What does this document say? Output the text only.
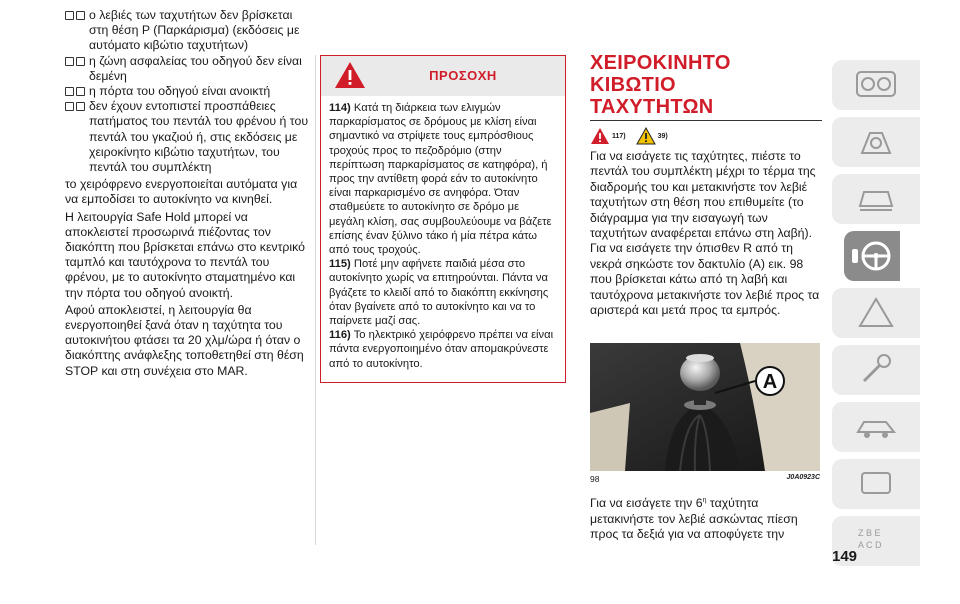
ο λεβιές των ταχυτήτων δεν βρίσκεται στη θέση P (Παρκάρισμα) (εκδόσεις με αυτόματο κιβώτιο ταχυτήτων)
η ζώνη ασφαλείας του οδηγού δεν είναι δεμένη
η πόρτα του οδηγού είναι ανοικτή
δεν έχουν εντοπιστεί προσπάθειες πατήματος του πεντάλ του φρένου ή του πεντάλ του γκαζιού ή, στις εκδόσεις με χειροκίνητο κιβώτιο ταχυτήτων, του πεντάλ του συμπλέκτη

το χειρόφρενο ενεργοποιείται αυτόματα για να εμποδίσει το αυτοκίνητο να κινηθεί.

Η λειτουργία Safe Hold μπορεί να αποκλειστεί προσωρινά πιέζοντας τον διακόπτη που βρίσκεται επάνω στο κεντρικό ταμπλό και ταυτόχρονα το πεντάλ του φρένου, με το αυτοκίνητο σταματημένο και την πόρτα του οδηγού ανοικτή.

Αφού αποκλειστεί, η λειτουργία θα ενεργοποιηθεί ξανά όταν η ταχύτητα του αυτοκινήτου φτάσει τα 20 χλμ/ώρα ή όταν ο διακόπτης ανάφλεξης τοποθετηθεί στη θέση STOP και στη συνέχεια στο MAR.

ΠΡΟΣΟΧΗ

114) Κατά τη διάρκεια των ελιγμών παρκαρίσματος σε δρόμους με κλίση είναι σημαντικό να στρίψετε τους εμπρόσθιους τροχούς προς το πεζοδρόμιο (στην περίπτωση παρκαρίσματος σε κατηφόρα), ή προς την αντίθετη φορά εάν το αυτοκίνητο είναι παρκαρισμένο σε ανηφόρα. Όταν σταθμεύετε το αυτοκίνητο σε δρόμο με μεγάλη κλίση, σας συμβουλεύουμε να βάζετε επίσης έναν ξύλινο τάκο ή μία πέτρα κάτω από τους τροχούς.

115) Ποτέ μην αφήνετε παιδιά μέσα στο αυτοκίνητο χωρίς να επιτηρούνται. Πάντα να βγάζετε το κλειδί από το διακόπτη εκκίνησης όταν βγαίνετε από το αυτοκίνητο και να το παίρνετε μαζί σας.

116) Το ηλεκτρικό χειρόφρενο πρέπει να είναι πάντα ενεργοποιημένο όταν απομακρύνεστε από το αυτοκίνητο.

ΧΕΙΡΟΚΙΝΗΤΟ ΚΙΒΩΤΙΟ
ΤΑΧΥΤΗΤΩΝ
117)	39)

Για να εισάγετε τις ταχύτητες, πιέστε το πεντάλ του συμπλέκτη μέχρι το τέρμα της διαδρομής του και μετακινήστε τον λεβιέ ταχυτήτων στη θέση που επιθυμείτε (το διάγραμμα για την εισαγωγή των ταχυτήτων αναφέρεται επάνω στη λαβή).

Για να εισάγετε την όπισθεν R από τη νεκρά σηκώστε τον δακτυλίο (A) εικ. 98 που βρίσκεται κάτω από τη λαβή και ταυτόχρονα μετακινήστε τον λεβιέ προς τα αριστερά και μετά προς τα εμπρός.

A
98	J0A0923C

Για να εισάγετε την $6^\eta$ ταχύτητα μετακινήστε τον λεβιέ ασκώντας πίεση προς τα δεξιά για να αποφύγετε την	Z B E
A C D
149
